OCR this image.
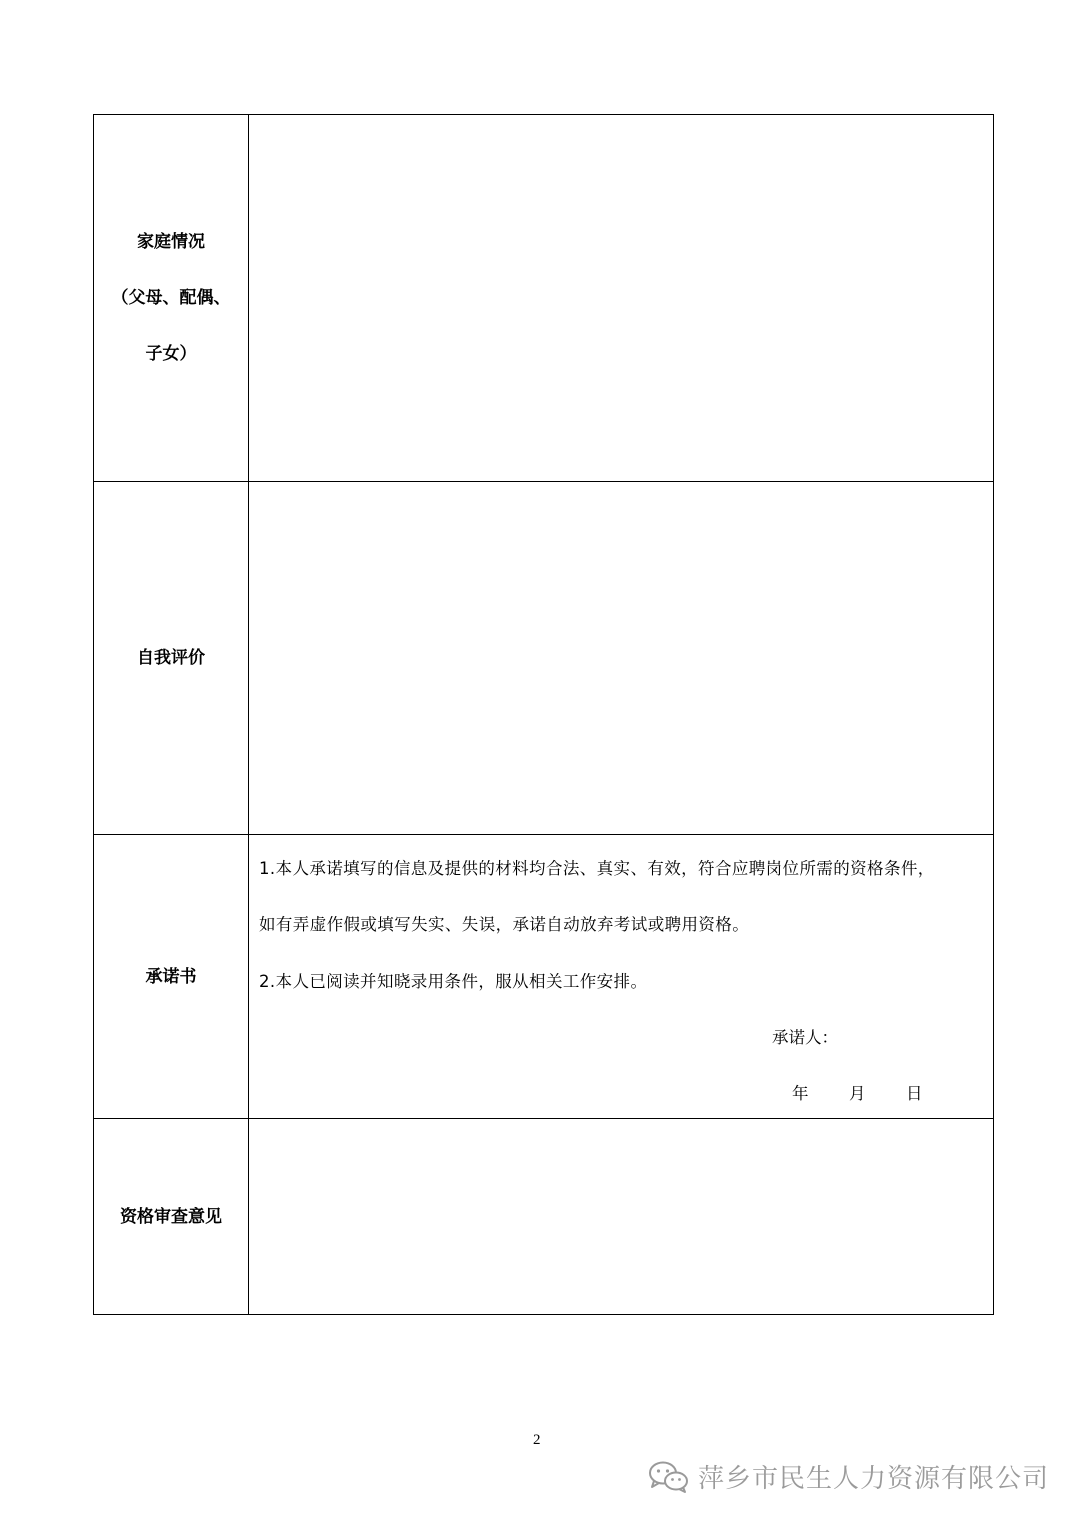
家庭情况
（父母、配偶、
子女）
自我评价
承诺书
1.本人承诺填写的信息及提供的材料均合法、真实、有效，符合应聘岗位所需的资格条件，
如有弄虚作假或填写失实、失误，承诺自动放弃考试或聘用资格。
2.本人已阅读并知晓录用条件，服从相关工作安排。
承诺人：
年 月 日
资格审查意见
2
萍乡市民生人力资源有限公司
